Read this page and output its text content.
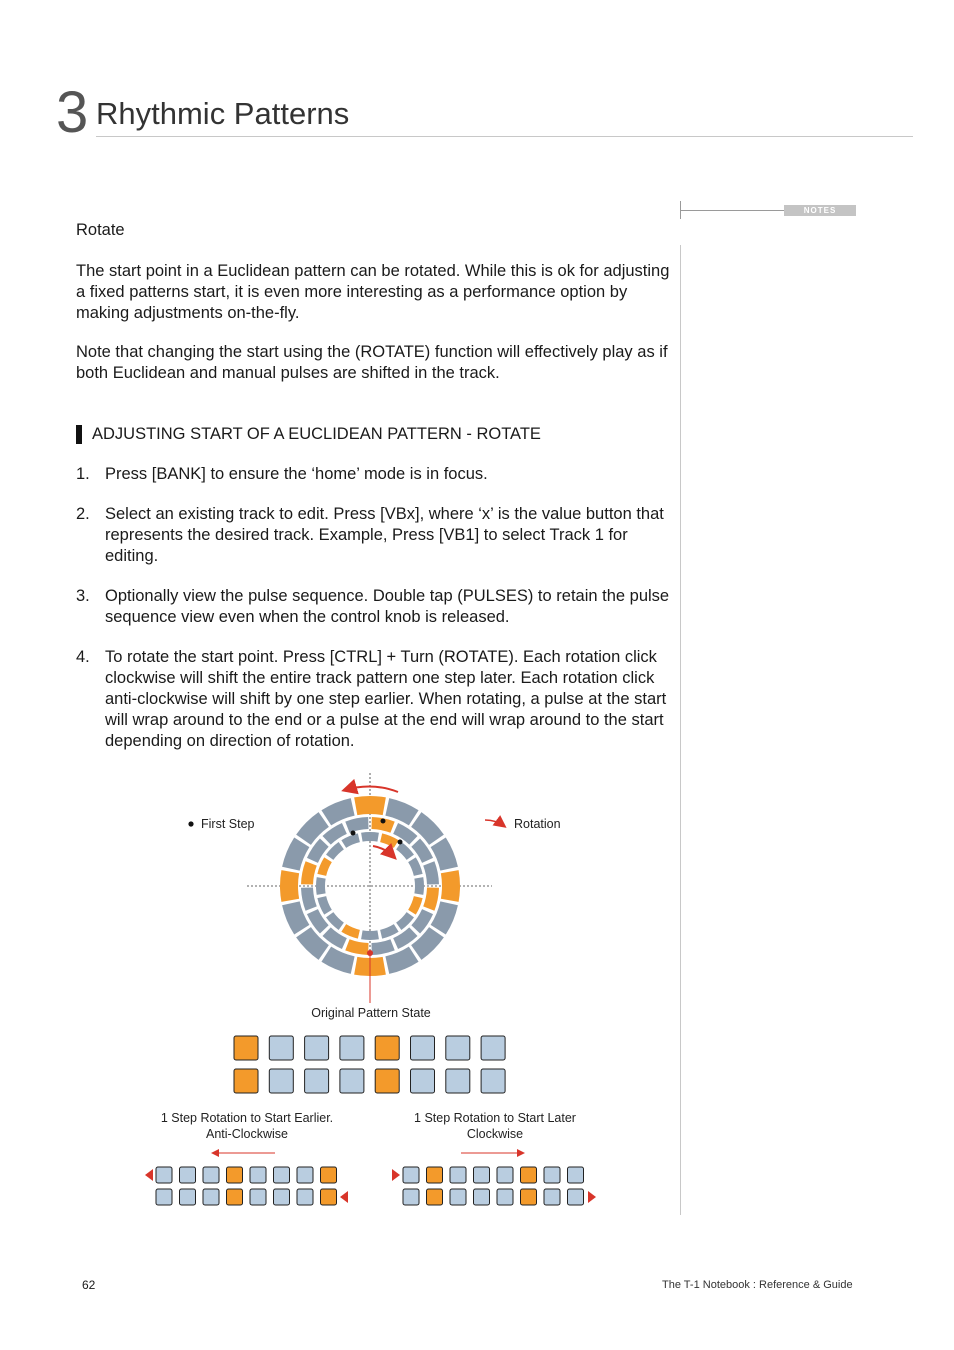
3 Rhythmic Patterns
NOTES
Rotate
The start point in a Euclidean pattern can be rotated. While this is ok for adjusting a fixed patterns start, it is even more interesting as a performance option by making adjustments on-the-fly.
Note that changing the start using the (ROTATE) function will effectively play as if both Euclidean and manual pulses are shifted in the track.
ADJUSTING START OF A EUCLIDEAN PATTERN - ROTATE
1. Press [BANK] to ensure the ‘home’ mode is in focus.
2. Select an existing track to edit. Press [VBx], where ‘x’ is the value button that represents the desired track. Example, Press [VB1] to select Track 1 for editing.
3. Optionally view the pulse sequence. Double tap (PULSES) to retain the pulse sequence view even when the control knob is released.
4. To rotate the start point. Press [CTRL] + Turn (ROTATE). Each rotation click clockwise will shift the entire track pattern one step later. Each rotation click anti-clockwise will shift by one step earlier. When rotating, a pulse at the start will wrap around to the end or a pulse at the end will wrap around to the start depending on direction of rotation.
First Step	Rotation
Original Pattern State
1 Step Rotation to Start Earlier.
Anti-Clockwise
1 Step Rotation to Start Later
Clockwise
62	The T-1 Notebook : Reference & Guide
